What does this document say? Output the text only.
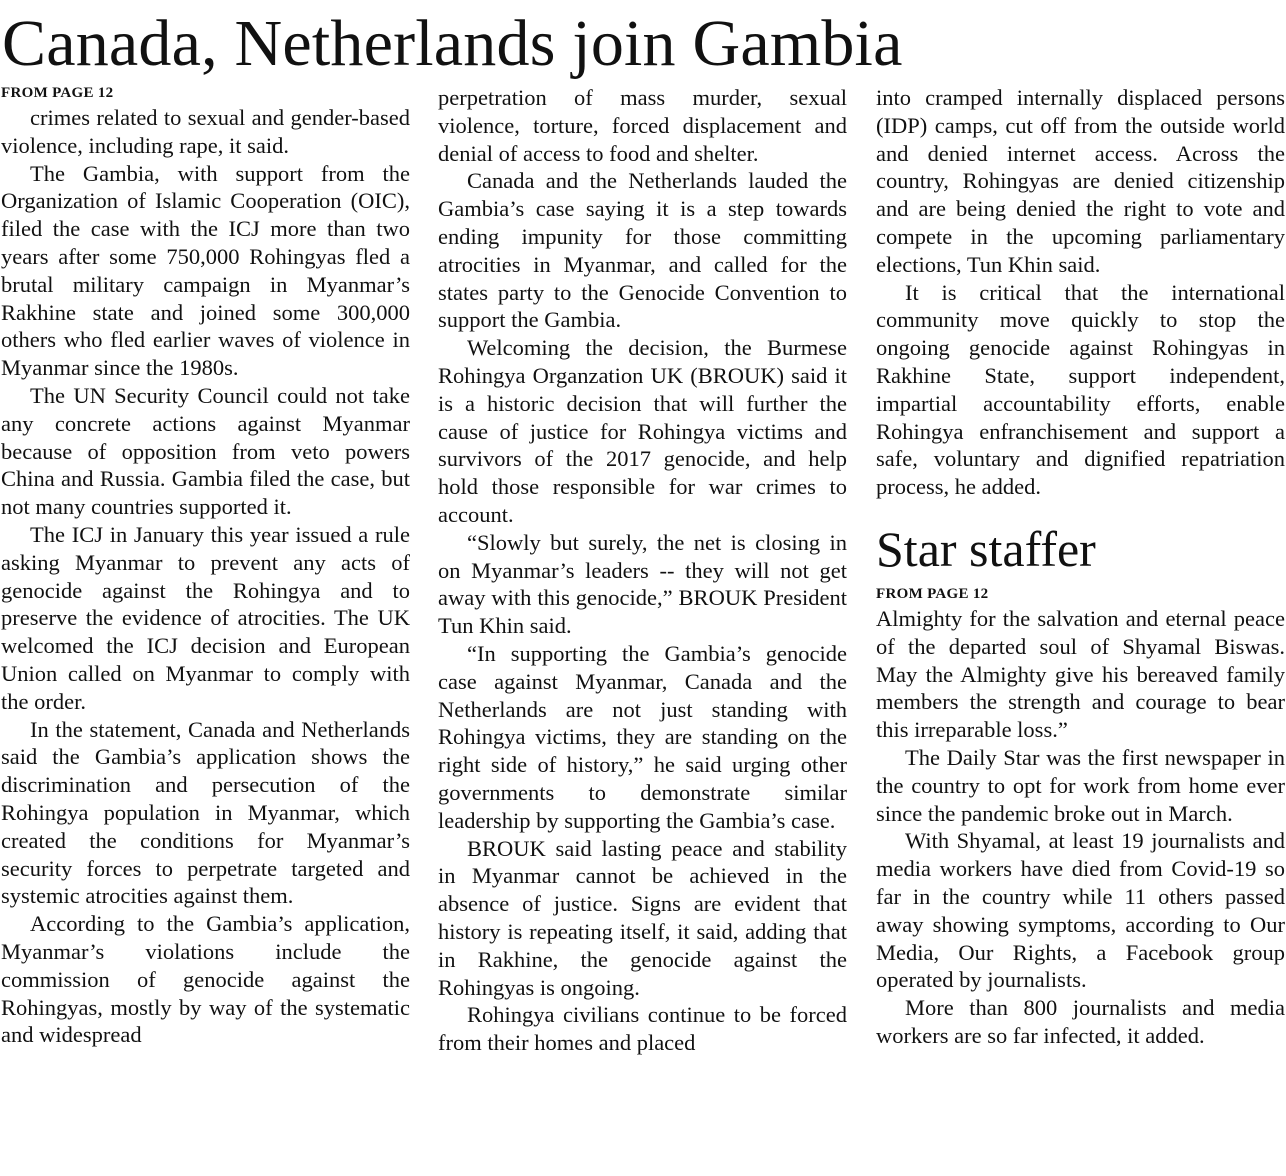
Canada, Netherlands join Gambia
FROM PAGE 12

crimes related to sexual and gender-based violence, including rape, it said.

The Gambia, with support from the Organization of Islamic Cooperation (OIC), filed the case with the ICJ more than two years after some 750,000 Rohingyas fled a brutal military campaign in Myanmar’s Rakhine state and joined some 300,000 others who fled earlier waves of violence in Myanmar since the 1980s.

The UN Security Council could not take any concrete actions against Myanmar because of opposition from veto powers China and Russia. Gambia filed the case, but not many countries supported it.

The ICJ in January this year issued a rule asking Myanmar to prevent any acts of genocide against the Rohingya and to preserve the evidence of atrocities. The UK welcomed the ICJ decision and European Union called on Myanmar to comply with the order.

In the statement, Canada and Netherlands said the Gambia’s application shows the discrimination and persecution of the Rohingya population in Myanmar, which created the conditions for Myanmar’s security forces to perpetrate targeted and systemic atrocities against them.

According to the Gambia’s application, Myanmar’s violations include the commission of genocide against the Rohingyas, mostly by way of the systematic and widespread

perpetration of mass murder, sexual violence, torture, forced displacement and denial of access to food and shelter.

Canada and the Netherlands lauded the Gambia’s case saying it is a step towards ending impunity for those committing atrocities in Myanmar, and called for the states party to the Genocide Convention to support the Gambia.

Welcoming the decision, the Burmese Rohingya Organzation UK (BROUK) said it is a historic decision that will further the cause of justice for Rohingya victims and survivors of the 2017 genocide, and help hold those responsible for war crimes to account.

“Slowly but surely, the net is closing in on Myanmar’s leaders -- they will not get away with this genocide,” BROUK President Tun Khin said.

“In supporting the Gambia’s genocide case against Myanmar, Canada and the Netherlands are not just standing with Rohingya victims, they are standing on the right side of history,” he said urging other governments to demonstrate similar leadership by supporting the Gambia’s case.

BROUK said lasting peace and stability in Myanmar cannot be achieved in the absence of justice. Signs are evident that history is repeating itself, it said, adding that in Rakhine, the genocide against the Rohingyas is ongoing.

Rohingya civilians continue to be forced from their homes and placed

into cramped internally displaced persons (IDP) camps, cut off from the outside world and denied internet access. Across the country, Rohingyas are denied citizenship and are being denied the right to vote and compete in the upcoming parliamentary elections, Tun Khin said.

It is critical that the international community move quickly to stop the ongoing genocide against Rohingyas in Rakhine State, support independent, impartial accountability efforts, enable Rohingya enfranchisement and support a safe, voluntary and dignified repatriation process, he added.

Star staffer
FROM PAGE 12

Almighty for the salvation and eternal peace of the departed soul of Shyamal Biswas. May the Almighty give his bereaved family members the strength and courage to bear this irreparable loss.”

The Daily Star was the first newspaper in the country to opt for work from home ever since the pandemic broke out in March.

With Shyamal, at least 19 journalists and media workers have died from Covid-19 so far in the country while 11 others passed away showing symptoms, according to Our Media, Our Rights, a Facebook group operated by journalists.

More than 800 journalists and media workers are so far infected, it added.
